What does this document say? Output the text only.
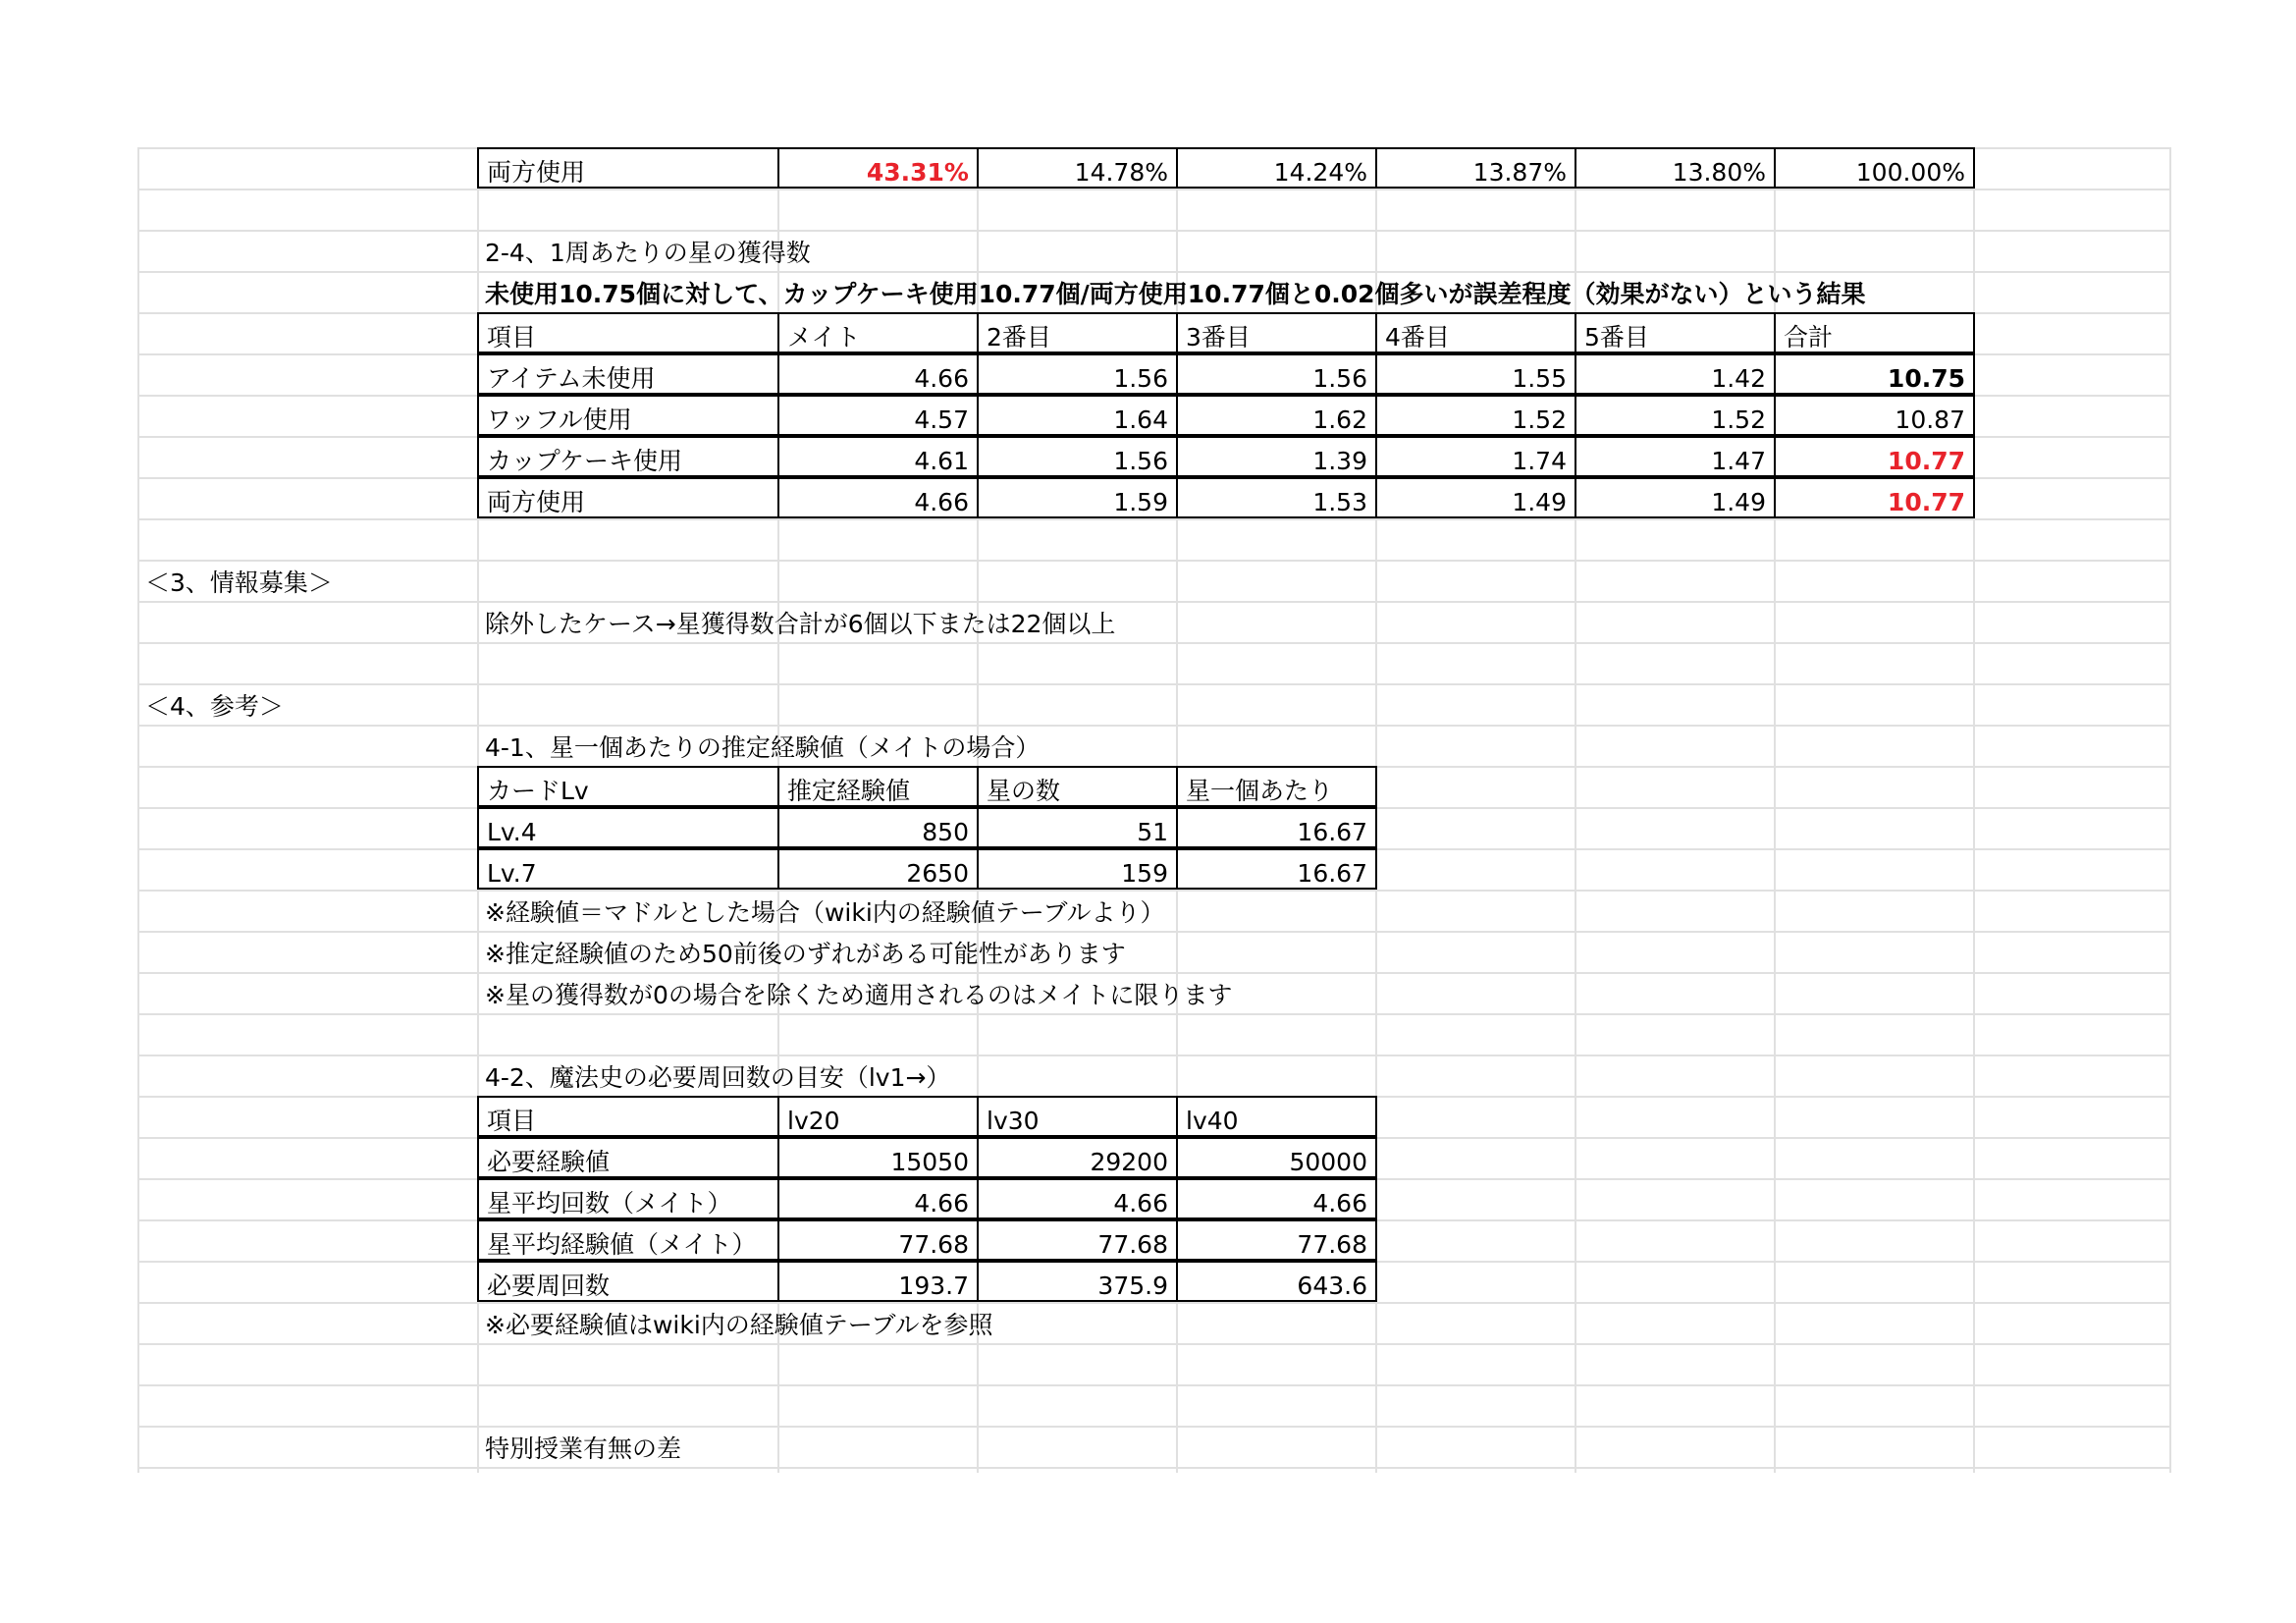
両方使用	43.31%	14.78%	14.24%	13.87%	13.80%	100.00%
2-4、1周あたりの星の獲得数
未使用10.75個に対して、カップケーキ使用10.77個/両方使用10.77個と0.02個多いが誤差程度（効果がない）という結果
項目	メイト	2番目	3番目	4番目	5番目	合計
アイテム未使用	4.66	1.56	1.56	1.55	1.42	10.75
ワッフル使用	4.57	1.64	1.62	1.52	1.52	10.87
カップケーキ使用	4.61	1.56	1.39	1.74	1.47	10.77
両方使用	4.66	1.59	1.53	1.49	1.49	10.77
＜3、情報募集＞
除外したケース→星獲得数合計が6個以下または22個以上
＜4、参考＞
4-1、星一個あたりの推定経験値（メイトの場合）
カードLv	推定経験値	星の数	星一個あたり
Lv.4	850	51	16.67
Lv.7	2650	159	16.67
※経験値＝マドルとした場合（wiki内の経験値テーブルより）
※推定経験値のため50前後のずれがある可能性があります
※星の獲得数が0の場合を除くため適用されるのはメイトに限ります
4-2、魔法史の必要周回数の目安（lv1→）
項目	lv20	lv30	lv40
必要経験値	15050	29200	50000
星平均回数（メイト）	4.66	4.66	4.66
星平均経験値（メイト）	77.68	77.68	77.68
必要周回数	193.7	375.9	643.6
※必要経験値はwiki内の経験値テーブルを参照
特別授業有無の差
